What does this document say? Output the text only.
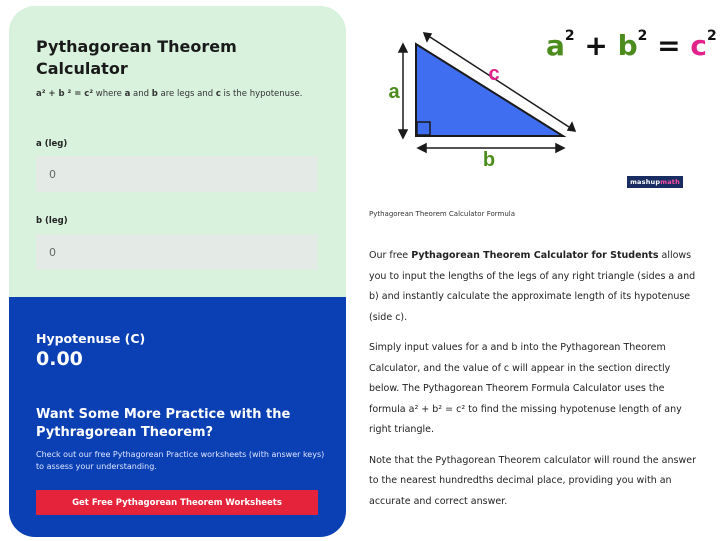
Pythagorean Theorem Calculator
a² + b ² = c² where a and b are legs and c is the hypotenuse.
a (leg)
0
b (leg)
0
Hypotenuse (C)
0.00
Want Some More Practice with the Pythragorean Theorem?
Check out our free Pythagorean Practice worksheets (with answer keys) to assess your understanding.
Get Free Pythagorean Theorem Worksheets
a
b
c
$a^2 + b^2 = c^2$
mashupmath
Pythagorean Theorem Calculator Formula

Our free Pythagorean Theorem Calculator for Students allows you to input the lengths of the legs of any right triangle (sides a and b) and instantly calculate the approximate length of its hypotenuse (side c).

Simply input values for a and b into the Pythagorean Theorem Calculator, and the value of c will appear in the section directly below. The Pythagorean Theorem Formula Calculator uses the formula a² + b² = c² to find the missing hypotenuse length of any right triangle.

Note that the Pythagorean Theorem calculator will round the answer to the nearest hundredths decimal place, providing you with an accurate and correct answer.
